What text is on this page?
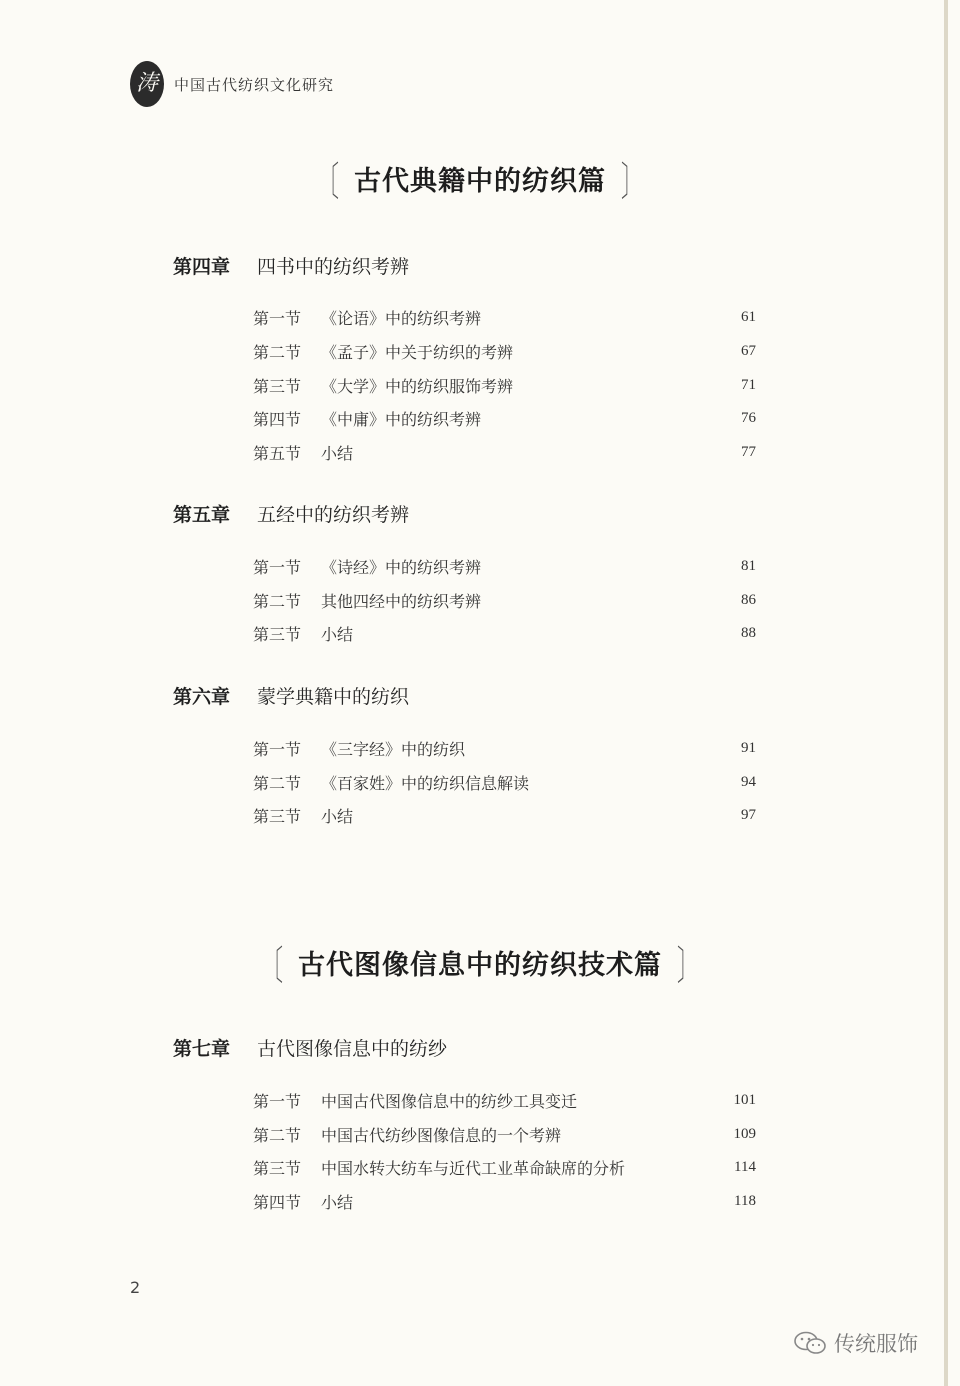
涛 中国古代纺织文化研究
〔 古代典籍中的纺织篇 〕
第四章	四书中的纺织考辨
第一节	《论语》中的纺织考辨	61
第二节	《孟子》中关于纺织的考辨	67
第三节	《大学》中的纺织服饰考辨	71
第四节	《中庸》中的纺织考辨	76
第五节	小结	77
第五章	五经中的纺织考辨
第一节	《诗经》中的纺织考辨	81
第二节	其他四经中的纺织考辨	86
第三节	小结	88
第六章	蒙学典籍中的纺织
第一节	《三字经》中的纺织	91
第二节	《百家姓》中的纺织信息解读	94
第三节	小结	97
〔 古代图像信息中的纺织技术篇 〕
第七章	古代图像信息中的纺纱
第一节	中国古代图像信息中的纺纱工具变迁	101
第二节	中国古代纺纱图像信息的一个考辨	109
第三节	中国水转大纺车与近代工业革命缺席的分析	114
第四节	小结	118
2
传统服饰
